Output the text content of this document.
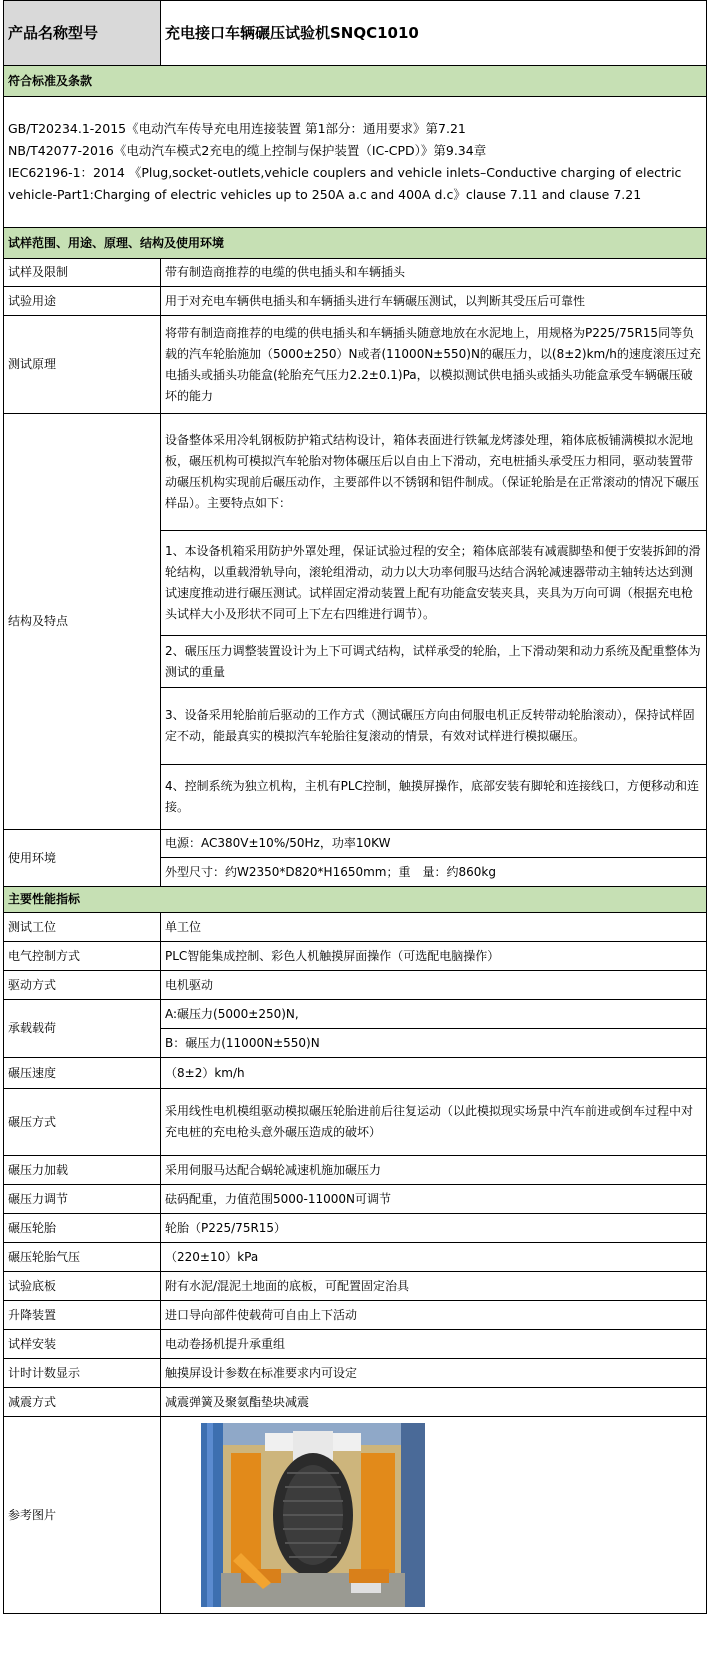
产品名称型号	充电接口车辆碾压试验机SNQC1010
符合标准及条款	

GB/T20234.1-2015《电动汽车传导充电用连接装置 第1部分：通用要求》第7.21
NB/T42077-2016《电动汽车模式2充电的缆上控制与保护装置（IC-CPD）》第9.34章
IEC62196-1：2014 《Plug,socket-outlets,vehicle couplers and vehicle inlets–Conductive charging of electric
vehicle-Part1:Charging of electric vehicles up to 250A a.c and 400A d.c》clause 7.11 and clause 7.21	

试样范围、用途、原理、结构及使用环境	
试样及限制	带有制造商推荐的电缆的供电插头和车辆插头
试验用途	用于对充电车辆供电插头和车辆插头进行车辆碾压测试，以判断其受压后可靠性
测试原理	将带有制造商推荐的电缆的供电插头和车辆插头随意地放在水泥地上，用规格为P225/75R15同等负载的汽车轮胎施加（5000±250）N或者(11000N±550)N的碾压力，以(8±2)km/h的速度滚压过充电插头或插头功能盒(轮胎充气压力2.2±0.1)Pa，以模拟测试供电插头或插头功能盒承受车辆碾压破坏的能力
结构及特点	设备整体采用冷轧钢板防护箱式结构设计，箱体表面进行铁氟龙烤漆处理，箱体底板铺满模拟水泥地板，碾压机构可模拟汽车轮胎对物体碾压后以自由上下滑动，充电桩插头承受压力相同，驱动装置带动碾压机构实现前后碾压动作，主要部件以不锈钢和铝件制成。（保证轮胎是在正常滚动的情况下碾压样品）。主要特点如下：
	1、本设备机箱采用防护外罩处理，保证试验过程的安全；箱体底部装有减震脚垫和便于安装拆卸的滑轮结构，以重载滑轨导向，滚轮组滑动，动力以大功率伺服马达结合涡轮减速器带动主轴转达达到测试速度推动进行碾压测试。试样固定滑动装置上配有功能盒安装夹具，夹具为万向可调（根据充电枪头试样大小及形状不同可上下左右四维进行调节）。
	2、碾压压力调整装置设计为上下可调式结构，试样承受的轮胎，上下滑动架和动力系统及配重整体为测试的重量
	3、设备采用轮胎前后驱动的工作方式（测试碾压方向由伺服电机正反转带动轮胎滚动），保持试样固定不动，能最真实的模拟汽车轮胎往复滚动的情景，有效对试样进行模拟碾压。
	4、控制系统为独立机构，主机有PLC控制，触摸屏操作，底部安装有脚轮和连接线口，方便移动和连接。
使用环境	电源：AC380V±10%/50Hz，功率10KW
	外型尺寸：约W2350*D820*H1650mm；重　量：约860kg
主要性能指标	
测试工位	单工位
电气控制方式	PLC智能集成控制、彩色人机触摸屏面操作（可选配电脑操作）
驱动方式	电机驱动
承载载荷	A:碾压力(5000±250)N,
	B：碾压力(11000N±550)N
碾压速度	（8±2）km/h
碾压方式	采用线性电机模组驱动模拟碾压轮胎进前后往复运动（以此模拟现实场景中汽车前进或倒车过程中对充电桩的充电枪头意外碾压造成的破坏）
碾压力加载	采用伺服马达配合蜗轮减速机施加碾压力
碾压力调节	砝码配重，力值范围5000-11000N可调节
碾压轮胎	轮胎（P225/75R15）
碾压轮胎气压	（220±10）kPa
试验底板	附有水泥/混泥土地面的底板，可配置固定治具
升降装置	进口导向部件使载荷可自由上下活动
试样安装	电动卷扬机提升承重组
计时计数显示	触摸屏设计参数在标准要求内可设定
减震方式	减震弹簧及聚氨酯垫块减震
参考图片	
